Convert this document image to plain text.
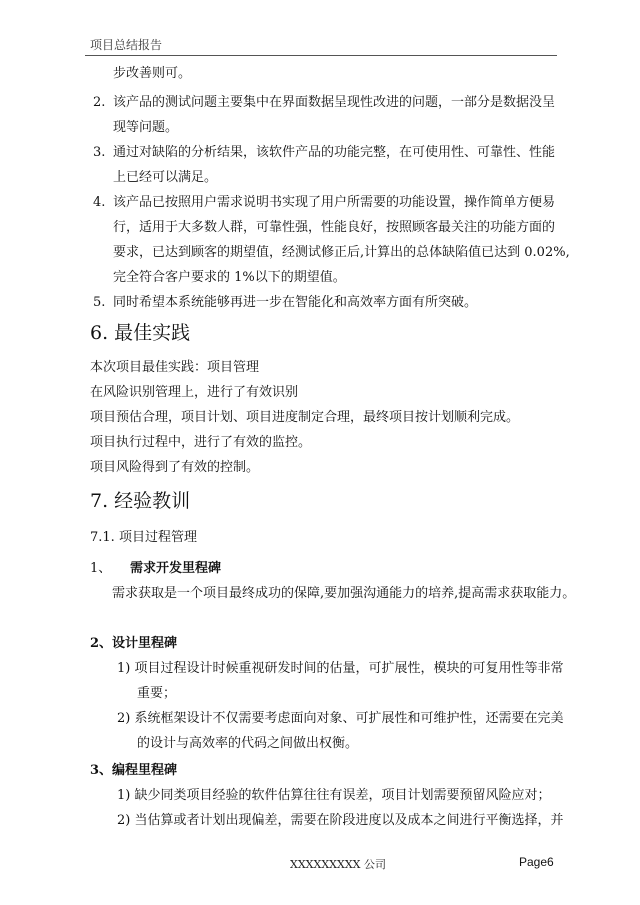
项目总结报告
步改善则可。
2. 该产品的测试问题主要集中在界面数据呈现性改进的问题，一部分是数据没呈
现等问题。
3. 通过对缺陷的分析结果，该软件产品的功能完整，在可使用性、可靠性、性能
上已经可以满足。
4. 该产品已按照用户需求说明书实现了用户所需要的功能设置，操作简单方便易
行，适用于大多数人群，可靠性强，性能良好，按照顾客最关注的功能方面的
要求，已达到顾客的期望值，经测试修正后,计算出的总体缺陷值已达到 0.02%,
完全符合客户要求的 1%以下的期望值。
5. 同时希望本系统能够再进一步在智能化和高效率方面有所突破。
6. 最佳实践
本次项目最佳实践：项目管理
在风险识别管理上，进行了有效识别
项目预估合理，项目计划、项目进度制定合理，最终项目按计划顺利完成。
项目执行过程中，进行了有效的监控。
项目风险得到了有效的控制。
7. 经验教训
7.1. 项目过程管理
1、 需求开发里程碑
需求获取是一个项目最终成功的保障,要加强沟通能力的培养,提高需求获取能力。
2、设计里程碑
1) 项目过程设计时候重视研发时间的估量，可扩展性，模块的可复用性等非常
重要；
2) 系统框架设计不仅需要考虑面向对象、可扩展性和可维护性，还需要在完美
的设计与高效率的代码之间做出权衡。
3、编程里程碑
1) 缺少同类项目经验的软件估算往往有误差，项目计划需要预留风险应对；
2) 当估算或者计划出现偏差，需要在阶段进度以及成本之间进行平衡选择，并
XXXXXXXXX 公司	Page6
